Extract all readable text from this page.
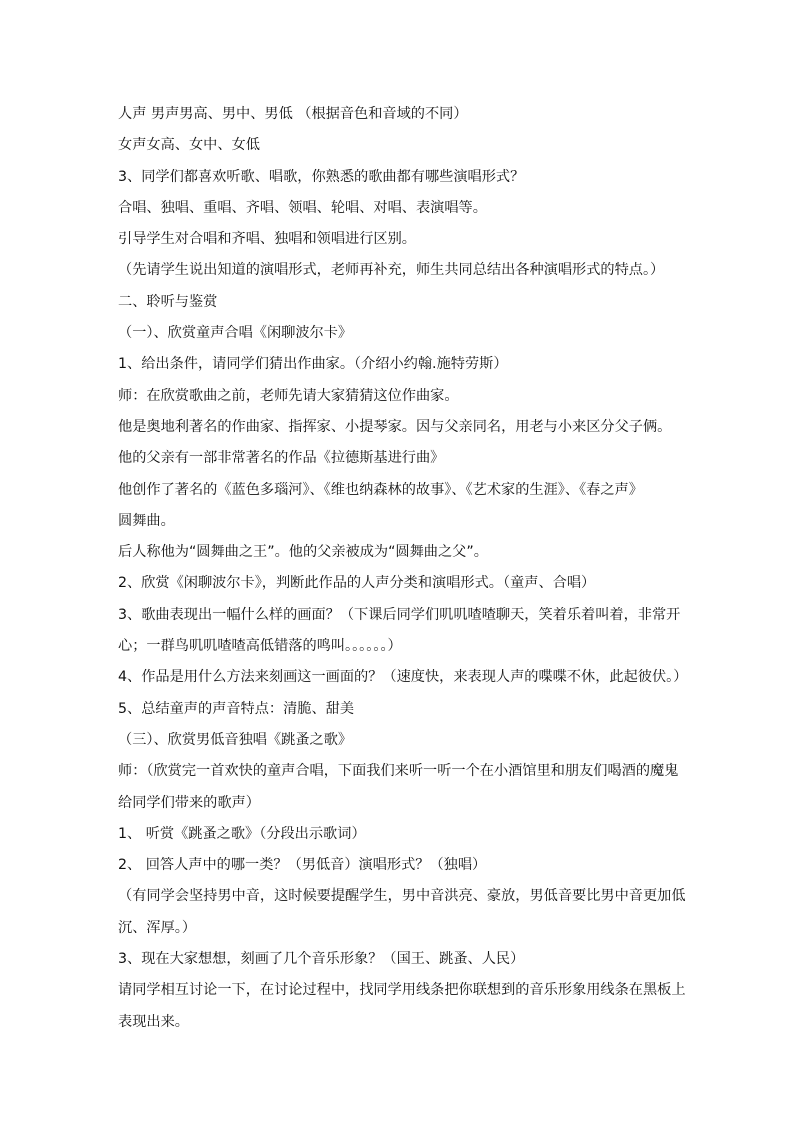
人声 男声男高、男中、男低 （根据音色和音域的不同）
女声女高、女中、女低
3、同学们都喜欢听歌、唱歌，你熟悉的歌曲都有哪些演唱形式？
合唱、独唱、重唱、齐唱、领唱、轮唱、对唱、表演唱等。
引导学生对合唱和齐唱、独唱和领唱进行区别。
（先请学生说出知道的演唱形式，老师再补充，师生共同总结出各种演唱形式的特点。）
二、聆听与鉴赏
（一）、欣赏童声合唱《闲聊波尔卡》
1、给出条件，请同学们猜出作曲家。（介绍小约翰.施特劳斯）
师：在欣赏歌曲之前，老师先请大家猜猜这位作曲家。
他是奥地利著名的作曲家、指挥家、小提琴家。因与父亲同名，用老与小来区分父子俩。
他的父亲有一部非常著名的作品《拉德斯基进行曲》
他创作了著名的《蓝色多瑙河》、《维也纳森林的故事》、《艺术家的生涯》、《春之声》
圆舞曲。
后人称他为“圆舞曲之王”。他的父亲被成为“圆舞曲之父”。
2、欣赏《闲聊波尔卡》，判断此作品的人声分类和演唱形式。（童声、合唱）
3、歌曲表现出一幅什么样的画面？（下课后同学们叽叽喳喳聊天，笑着乐着叫着，非常开
心；一群鸟叽叽喳喳高低错落的鸣叫。。。。。。）
4、作品是用什么方法来刻画这一画面的？（速度快，来表现人声的喋喋不休，此起彼伏。）
5、总结童声的声音特点：清脆、甜美
（三）、欣赏男低音独唱《跳蚤之歌》
师：（欣赏完一首欢快的童声合唱，下面我们来听一听一个在小酒馆里和朋友们喝酒的魔鬼
给同学们带来的歌声）
1、 听赏《跳蚤之歌》（分段出示歌词）
2、 回答人声中的哪一类？（男低音）演唱形式？（独唱）
（有同学会坚持男中音，这时候要提醒学生，男中音洪亮、豪放，男低音要比男中音更加低
沉、浑厚。）
3、现在大家想想，刻画了几个音乐形象？（国王、跳蚤、人民）
请同学相互讨论一下，在讨论过程中，找同学用线条把你联想到的音乐形象用线条在黑板上
表现出来。
